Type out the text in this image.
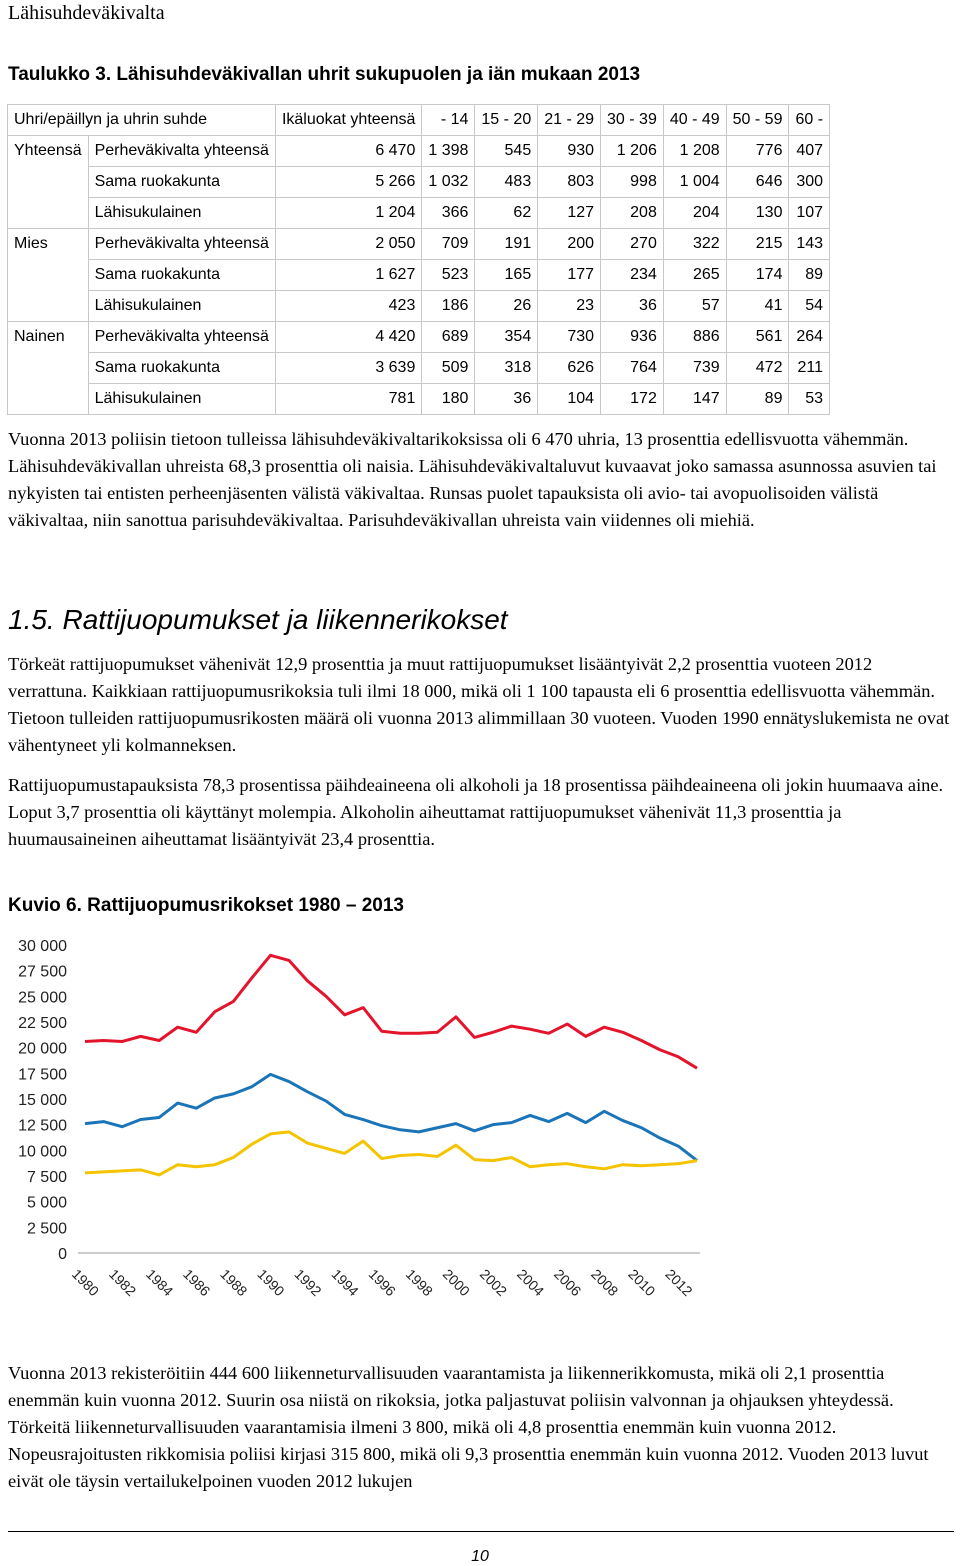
Lähisuhdeväkivalta
Taulukko 3. Lähisuhdeväkivallan uhrit sukupuolen ja iän mukaan 2013
Uhri/epäillyn ja uhrin suhde		Ikäluokat yhteensä	- 14	15 - 20	21 - 29	30 - 39	40 - 49	50 - 59	60 -
Yhteensä	Perheväkivalta yhteensä	6 470	1 398	545	930	1 206	1 208	776	407
	Sama ruokakunta	5 266	1 032	483	803	998	1 004	646	300
	Lähisukulainen	1 204	366	62	127	208	204	130	107
Mies	Perheväkivalta yhteensä	2 050	709	191	200	270	322	215	143
	Sama ruokakunta	1 627	523	165	177	234	265	174	89
	Lähisukulainen	423	186	26	23	36	57	41	54
Nainen	Perheväkivalta yhteensä	4 420	689	354	730	936	886	561	264
	Sama ruokakunta	3 639	509	318	626	764	739	472	211
	Lähisukulainen	781	180	36	104	172	147	89	53

Vuonna 2013 poliisin tietoon tulleissa lähisuhdeväkivaltarikoksissa oli 6 470 uhria, 13 prosenttia edellisvuotta vähemmän. Lähisuhdeväkivallan uhreista 68,3 prosenttia oli naisia. Lähisuhdeväkivaltaluvut kuvaavat joko samassa asunnossa asuvien tai nykyisten tai entisten perheenjäsenten välistä väkivaltaa. Runsas puolet tapauksista oli avio- tai avopuolisoiden välistä väkivaltaa, niin sanottua parisuhdeväkivaltaa. Parisuhdeväkivallan uhreista vain viidennes oli miehiä.

1.5. Rattijuopumukset ja liikennerikokset

Törkeät rattijuopumukset vähenivät 12,9 prosenttia ja muut rattijuopumukset lisääntyivät 2,2 prosenttia vuoteen 2012 verrattuna. Kaikkiaan rattijuopumusrikoksia tuli ilmi 18 000, mikä oli 1 100 tapausta eli 6 prosenttia edellisvuotta vähemmän. Tietoon tulleiden rattijuopumusrikosten määrä oli vuonna 2013 alimmillaan 30 vuoteen. Vuoden 1990 ennätyslukemista ne ovat vähentyneet yli kolmanneksen.

Rattijuopumustapauksista 78,3 prosentissa päihdeaineena oli alkoholi ja 18 prosentissa päihdeaineena oli jokin huumaava aine. Loput 3,7 prosenttia oli käyttänyt molempia. Alkoholin aiheuttamat rattijuopumukset vähenivät 11,3 prosenttia ja huumausaineinen aiheuttamat lisääntyivät 23,4 prosenttia.

Kuvio 6. Rattijuopumusrikokset 1980 – 2013
0
2 500
5 000
7 500
10 000
12 500
15 000
17 500
20 000
22 500
25 000
27 500
30 000
1980 1982 1984 1986 1988 1990 1992 1994 1996 1998 2000 2002 2004 2006 2008 2010 2012

Vuonna 2013 rekisteröitiin 444 600 liikenneturvallisuuden vaarantamista ja liikennerikkomusta, mikä oli 2,1 prosenttia enemmän kuin vuonna 2012. Suurin osa niistä on rikoksia, jotka paljastuvat poliisin valvonnan ja ohjauksen yhteydessä. Törkeitä liikenneturvallisuuden vaarantamisia ilmeni 3 800, mikä oli 4,8 prosenttia enemmän kuin vuonna 2012. Nopeusrajoitusten rikkomisia poliisi kirjasi 315 800, mikä oli 9,3 prosenttia enemmän kuin vuonna 2012. Vuoden 2013 luvut eivät ole täysin vertailukelpoinen vuoden 2012 lukujen

10
